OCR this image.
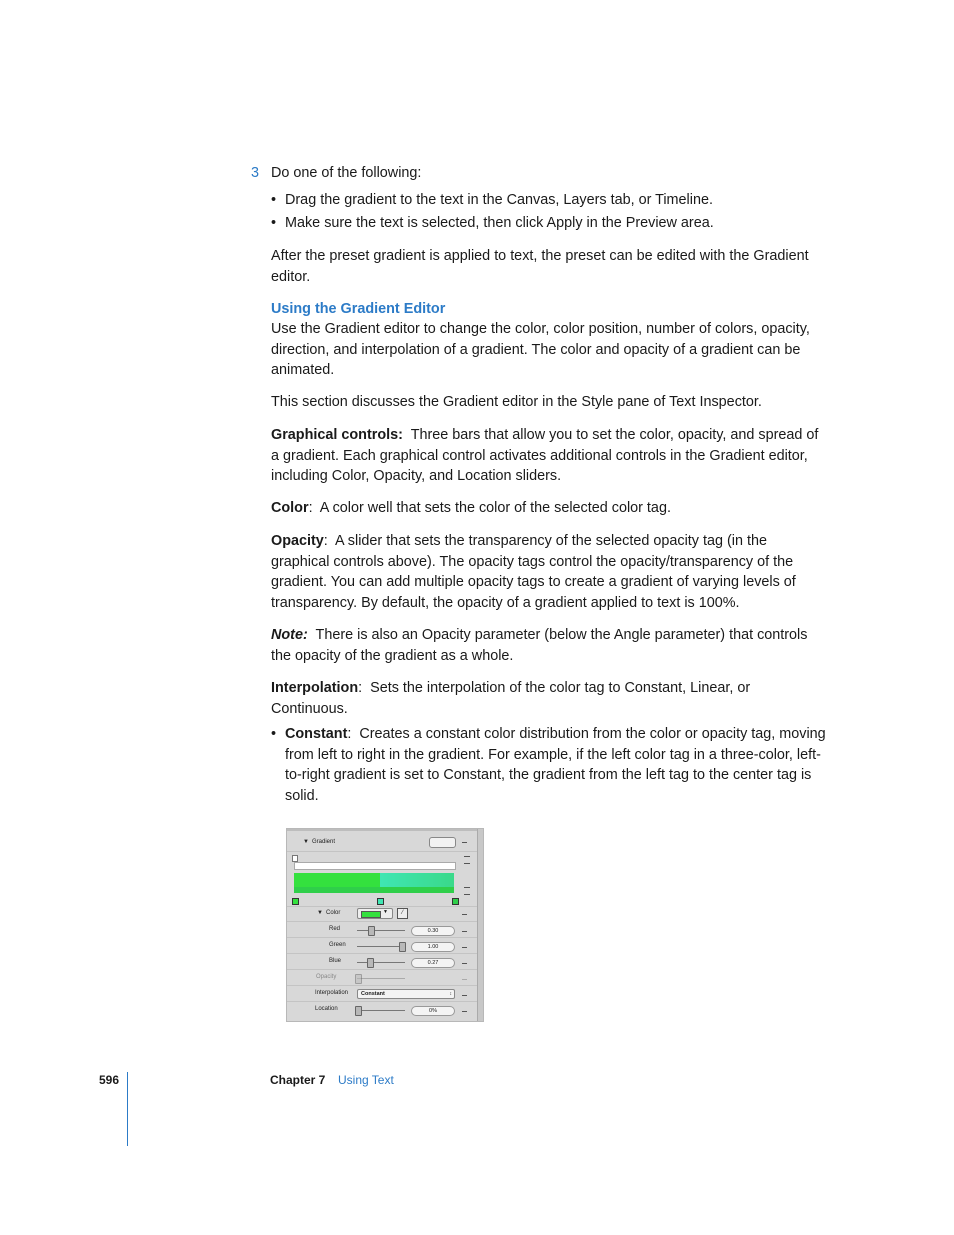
3 Do one of the following:

• Drag the gradient to the text in the Canvas, Layers tab, or Timeline.

• Make sure the text is selected, then click Apply in the Preview area.

After the preset gradient is applied to text, the preset can be edited with the Gradient editor.

Using the Gradient Editor

Use the Gradient editor to change the color, color position, number of colors, opacity, direction, and interpolation of a gradient. The color and opacity of a gradient can be animated.

This section discusses the Gradient editor in the Style pane of Text Inspector.

Graphical controls: Three bars that allow you to set the color, opacity, and spread of a gradient. Each graphical control activates additional controls in the Gradient editor, including Color, Opacity, and Location sliders.

Color:  A color well that sets the color of the selected color tag.

Opacity:  A slider that sets the transparency of the selected opacity tag (in the graphical controls above). The opacity tags control the opacity/transparency of the gradient. You can add multiple opacity tags to create a gradient of varying levels of transparency. By default, the opacity of a gradient applied to text is 100%.

Note: There is also an Opacity parameter (below the Angle parameter) that controls the opacity of the gradient as a whole.

Interpolation:  Sets the interpolation of the color tag to Constant, Linear, or Continuous.

• Constant:  Creates a constant color distribution from the color or opacity tag, moving from left to right in the gradient. For example, if the left color tag in a three-color, left-to-right gradient is set to Constant, the gradient from the left tag to the center tag is solid.

▼ Gradient
▼ Color	▼	⁄
Red	0.30
Green	1.00
Blue	0.27
Opacity
Interpolation Constant	↕
Location	0%
596	Chapter 7 Using Text
